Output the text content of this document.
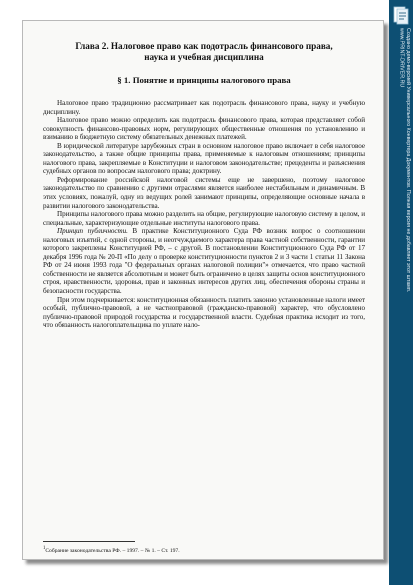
Глава 2. Налоговое право как подотрасль финансового права,
наука и учебная дисциплина
§ 1. Понятие и принципы налогового права

Налоговое право традиционно рассматривает как подотрасль финансового права, науку и учебную дисциплину.

Налоговое право можно определить как подотрасль финансового права, которая представляет собой совокупность финансово-правовых норм, регулирующих общественные отношения по установлению и взиманию в бюджетную систему обязательных денежных платежей.

В юридической литературе зарубежных стран в основном налоговое право включает в себя налоговое законодательство, а также общие принципы права, применяемые к налоговым отношениям; принципы налогового права, закрепляемые в Конституции и налоговом законодательстве; прецеденты и разъяснения судебных органов по вопросам налогового права; доктрину.

Реформирование российской налоговой системы еще не завершено, поэтому налоговое законодательство по сравнению с другими отраслями является наиболее нестабильным и динамичным. В этих условиях, пожалуй, одну из ведущих ролей занимают принципы, определяющие основные начала в развитии налогового законодательства.

Принципы налогового права можно разделить на общие, регулирующие налоговую систему в целом, и специальные, характеризующие отдельные институты налогового права.

Принцип публичности. В практике Конституционного Суда РФ возник вопрос о соотношении налоговых изъятий, с одной стороны, и неотчуждаемого характера права частной собственности, гарантии которого закреплены Конституцией РФ, – с другой. В постановлении Конституционного Суда РФ от 17 декабря 1996 года № 20-П «По делу о проверке конституционности пунктов 2 и 3 части 1 статьи 11 Закона РФ от 24 июня 1993 года "О федеральных органах налоговой полиции"» отмечается, что право частной собственности не является абсолютным и может быть ограничено в целях защиты основ конституционного строя, нравственности, здоровья, прав и законных интересов других лиц, обеспечения обороны страны и безопасности государства.

При этом подчеркивается: конституционная обязанность платить законно установленные налоги имеет особый, публично-правовой, а не частноправовой (гражданско-правовой) характер, что обусловлено публично-правовой природой государства и государственной власти. Судебная практика исходит из того, что обязанность налогоплательщика по уплате нало-

$^1$Собрание законодательства РФ. – 1997. – № 1. – Ст. 197.
Создано демо-версией Универсального Конвертера Документов. Полная версия не добавляет этот штамп.
www.PRINT-DRIVER.RU
